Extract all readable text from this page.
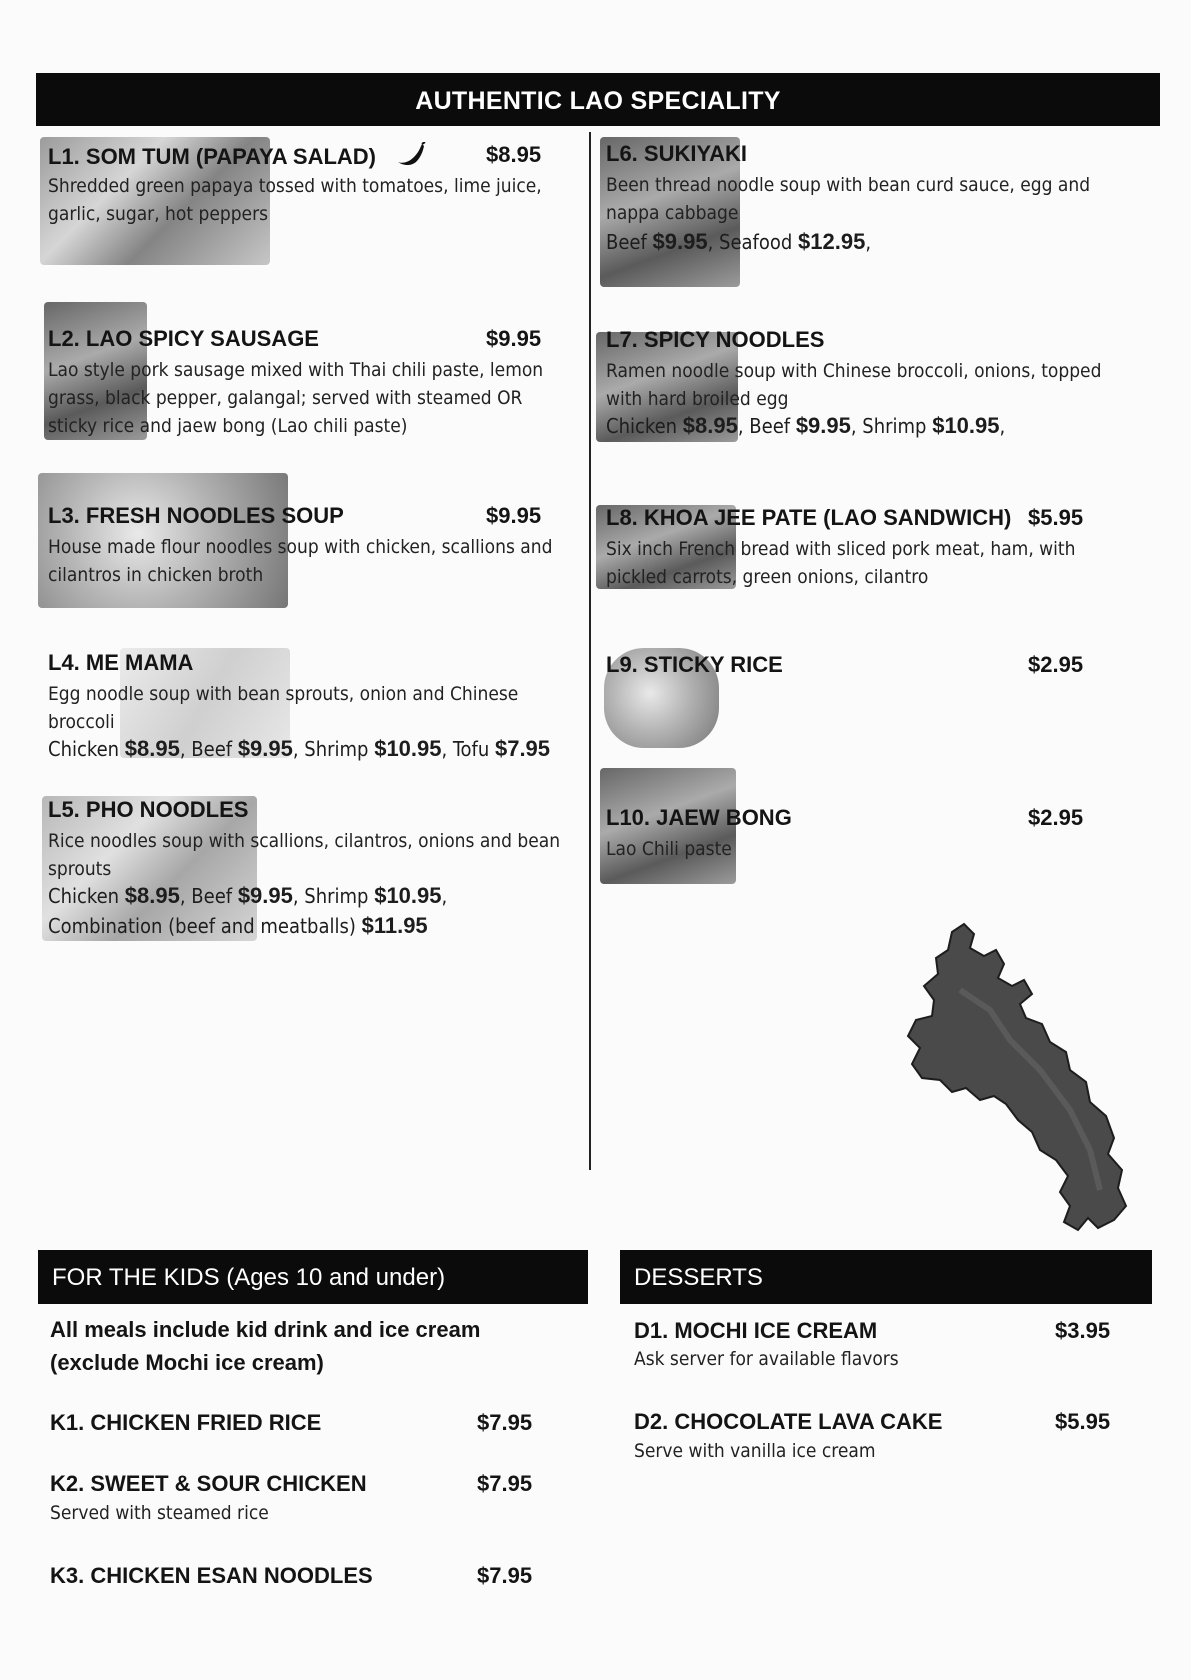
AUTHENTIC LAO SPECIALITY
L1. SOM TUM (PAPAYA SALAD)	$8.95
Shredded green papaya tossed with tomatoes, lime juice, garlic, sugar, hot peppers
L2. LAO SPICY SAUSAGE	$9.95
Lao style pork sausage mixed with Thai chili paste, lemon grass, black pepper, galangal; served with steamed OR sticky rice and jaew bong (Lao chili paste)
L3. FRESH NOODLES SOUP	$9.95
House made flour noodles soup with chicken, scallions and cilantros in chicken broth
L4. ME MAMA
Egg noodle soup with bean sprouts, onion and Chinese broccoli
Chicken $8.95, Beef $9.95, Shrimp $10.95, Tofu $7.95
L5. PHO NOODLES
Rice noodles soup with scallions, cilantros, onions and bean sprouts
Chicken $8.95, Beef $9.95, Shrimp $10.95,
Combination (beef and meatballs) $11.95
L6. SUKIYAKI
Been thread noodle soup with bean curd sauce, egg and nappa cabbage
Beef $9.95, Seafood $12.95,
L7. SPICY NOODLES
Ramen noodle soup with Chinese broccoli, onions, topped with hard broiled egg
Chicken $8.95, Beef $9.95, Shrimp $10.95,
L8. KHOA JEE PATE (LAO SANDWICH) $5.95
Six inch French bread with sliced pork meat, ham, with pickled carrots, green onions, cilantro
L9. STICKY RICE	$2.95
L10. JAEW BONG	$2.95
Lao Chili paste
FOR THE KIDS (Ages 10 and under)
All meals include kid drink and ice cream (exclude Mochi ice cream)
K1. CHICKEN FRIED RICE	$7.95
K2. SWEET & SOUR CHICKEN	$7.95
Served with steamed rice
K3. CHICKEN ESAN NOODLES	$7.95
DESSERTS
D1. MOCHI ICE CREAM	$3.95
Ask server for available flavors
D2. CHOCOLATE LAVA CAKE	$5.95
Serve with vanilla ice cream
